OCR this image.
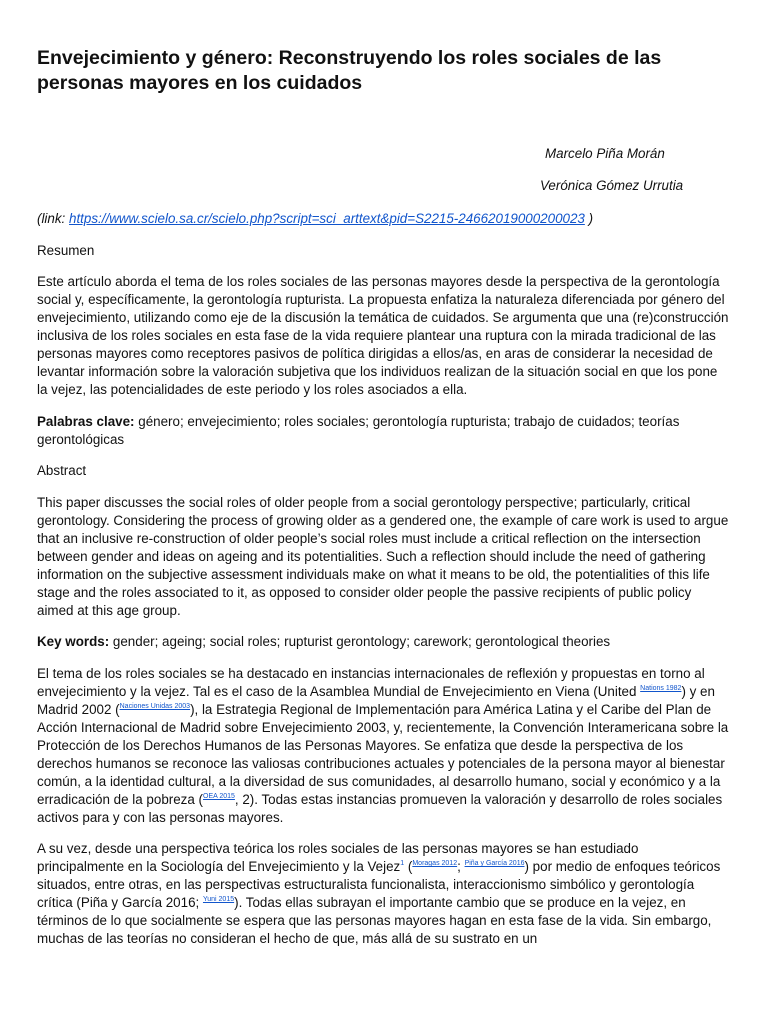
Envejecimiento y género: Reconstruyendo los roles sociales de las personas mayores en los cuidados
Marcelo Piña Morán
Verónica Gómez Urrutia

(link: https://www.scielo.sa.cr/scielo.php?script=sci_arttext&pid=S2215-24662019000200023 )

Resumen

Este artículo aborda el tema de los roles sociales de las personas mayores desde la perspectiva de la gerontología social y, específicamente, la gerontología rupturista. La propuesta enfatiza la naturaleza diferenciada por género del envejecimiento, utilizando como eje de la discusión la temática de cuidados. Se argumenta que una (re)construcción inclusiva de los roles sociales en esta fase de la vida requiere plantear una ruptura con la mirada tradicional de las personas mayores como receptores pasivos de política dirigidas a ellos/as, en aras de considerar la necesidad de levantar información sobre la valoración subjetiva que los individuos realizan de la situación social en que los pone la vejez, las potencialidades de este periodo y los roles asociados a ella.

Palabras clave: género; envejecimiento; roles sociales; gerontología rupturista; trabajo de cuidados; teorías gerontológicas

Abstract

This paper discusses the social roles of older people from a social gerontology perspective; particularly, critical gerontology. Considering the process of growing older as a gendered one, the example of care work is used to argue that an inclusive re-construction of older people’s social roles must include a critical reflection on the intersection between gender and ideas on ageing and its potentialities. Such a reflection should include the need of gathering information on the subjective assessment individuals make on what it means to be old, the potentialities of this life stage and the roles associated to it, as opposed to consider older people the passive recipients of public policy aimed at this age group.

Key words: gender; ageing; social roles; rupturist gerontology; carework; gerontological theories

El tema de los roles sociales se ha destacado en instancias internacionales de reflexión y propuestas en torno al envejecimiento y la vejez. Tal es el caso de la Asamblea Mundial de Envejecimiento en Viena (United $^{Nations 1982}$) y en Madrid 2002 ($^{Naciones Unidas 2003}$), la Estrategia Regional de Implementación para América Latina y el Caribe del Plan de Acción Internacional de Madrid sobre Envejecimiento 2003, y, recientemente, la Convención Interamericana sobre la Protección de los Derechos Humanos de las Personas Mayores. Se enfatiza que desde la perspectiva de los derechos humanos se reconoce las valiosas contribuciones actuales y potenciales de la persona mayor al bienestar común, a la identidad cultural, a la diversidad de sus comunidades, al desarrollo humano, social y económico y a la erradicación de la pobreza ($^{OEA 2015}$, 2). Todas estas instancias promueven la valoración y desarrollo de roles sociales activos para y con las personas mayores.

A su vez, desde una perspectiva teórica los roles sociales de las personas mayores se han estudiado principalmente en la Sociología del Envejecimiento y la Vejez$^1$ ($^{Moragas 2012}$; $^{Piña y García 2016}$) por medio de enfoques teóricos situados, entre otras, en las perspectivas estructuralista funcionalista, interaccionismo simbólico y gerontología crítica (Piña y García 2016; $^{Yuni 2015}$). Todas ellas subrayan el importante cambio que se produce en la vejez, en términos de lo que socialmente se espera que las personas mayores hagan en esta fase de la vida. Sin embargo, muchas de las teorías no consideran el hecho de que, más allá de su sustrato en un
